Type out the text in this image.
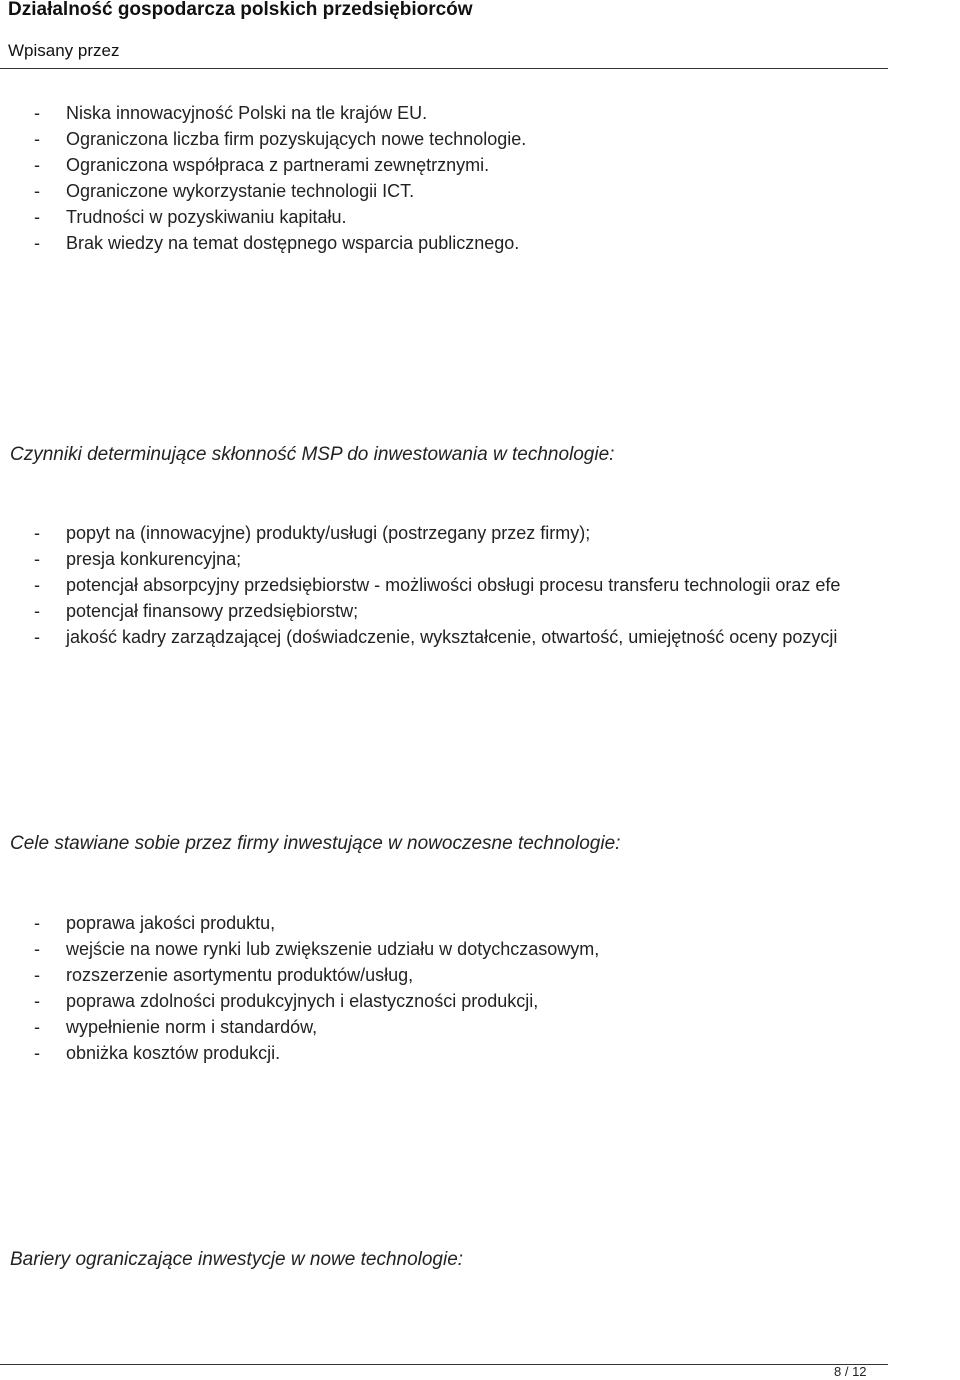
Działalność gospodarcza polskich przedsiębiorców
Wpisany przez
- Niska innowacyjność Polski na tle krajów EU.
- Ograniczona liczba firm pozyskujących nowe technologie.
- Ograniczona współpraca z partnerami zewnętrznymi.
- Ograniczone wykorzystanie technologii ICT.
- Trudności w pozyskiwaniu kapitału.
- Brak wiedzy na temat dostępnego wsparcia publicznego.
Czynniki determinujące skłonność MSP do inwestowania w technologie:
- popyt na (innowacyjne) produkty/usługi (postrzegany przez firmy);
- presja konkurencyjna;
- potencjał absorpcyjny przedsiębiorstw - możliwości obsługi procesu transferu technologii oraz efe
- potencjał finansowy przedsiębiorstw;
- jakość kadry zarządzającej (doświadczenie, wykształcenie, otwartość, umiejętność oceny pozycji
Cele stawiane sobie przez firmy inwestujące w nowoczesne technologie:
- poprawa jakości produktu,
- wejście na nowe rynki lub zwiększenie udziału w dotychczasowym,
- rozszerzenie asortymentu produktów/usług,
- poprawa zdolności produkcyjnych i elastyczności produkcji,
- wypełnienie norm i standardów,
- obniżka kosztów produkcji.
Bariery ograniczające inwestycje w nowe technologie:
8 / 12
